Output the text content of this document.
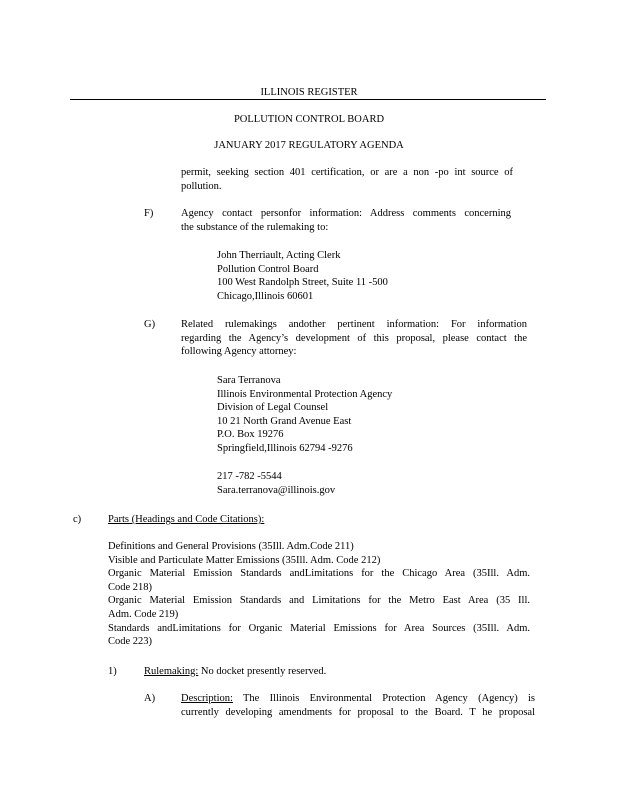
ILLINOIS REGISTER
POLLUTION CONTROL BOARD
JANUARY 2017 REGULATORY AGENDA
permit, seeking section 401 certification, or are a non -po int source of
pollution.
F)	Agency contact personfor information: Address comments concerning
the substance of the rulemaking to:
John Therriault, Acting Clerk
Pollution Control Board
100 West Randolph Street, Suite 11 -500
Chicago,Illinois 60601
G) Related rulemakings andother pertinent information: For information
regarding the Agency’s development of this proposal, please contact the
following Agency attorney:
Sara Terranova
Illinois Environmental Protection Agency
Division of Legal Counsel
10 21 North Grand Avenue East
P.O. Box 19276
Springfield,Illinois 62794 -9276
217 -782 -5544
Sara.terranova@illinois.gov
c)	Parts (Headings and Code Citations):
Definitions and General Provisions (35Ill. Adm.Code 211)
Visible and Particulate Matter Emissions (35Ill. Adm. Code 212)
Organic Material Emission Standards andLimitations for the Chicago Area (35Ill. Adm.
Code 218)
Organic Material Emission Standards and Limitations for the Metro East Area (35 Ill.
Adm. Code 219)
Standards andLimitations for Organic Material Emissions for Area Sources (35Ill. Adm.
Code 223)
1)	Rulemaking: No docket presently reserved.
A) Description: The Illinois Environmental Protection Agency (Agency) is
currently developing amendments for proposal to the Board. T he proposal
